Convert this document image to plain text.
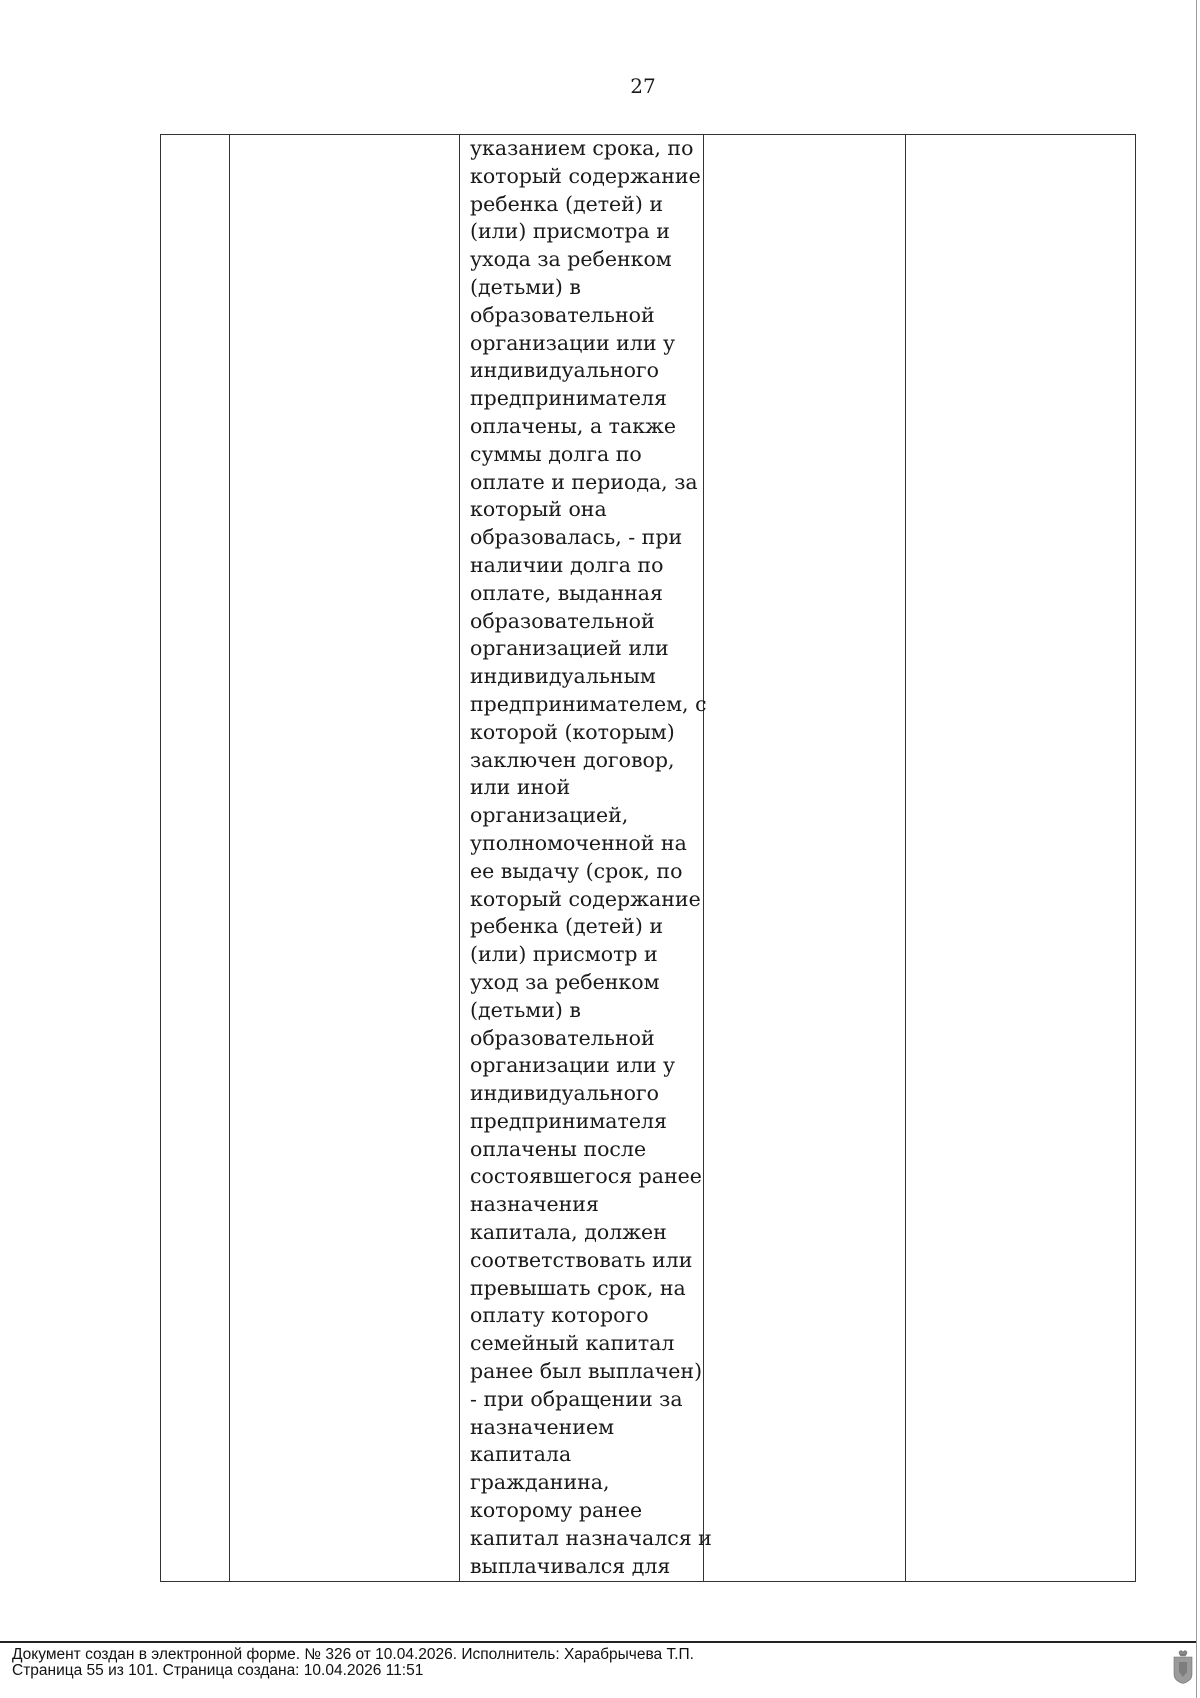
27

указанием срока, по
который содержание
ребенка (детей) и
(или) присмотра и
ухода за ребенком
(детьми) в
образовательной
организации или у
индивидуального
предпринимателя
оплачены, а также
суммы долга по
оплате и периода, за
который она
образовалась, - при
наличии долга по
оплате, выданная
образовательной
организацией или
индивидуальным
предпринимателем, с
которой (которым)
заключен договор,
или иной
организацией,
уполномоченной на
ее выдачу (срок, по
который содержание
ребенка (детей) и
(или) присмотр и
уход за ребенком
(детьми) в
образовательной
организации или у
индивидуального
предпринимателя
оплачены после
состоявшегося ранее
назначения
капитала, должен
соответствовать или
превышать срок, на
оплату которого
семейный капитал
ранее был выплачен)
- при обращении за
назначением
капитала
гражданина,
которому ранее
капитал назначался и
выплачивался для

Документ создан в электронной форме. № 326 от 10.04.2026. Исполнитель: Харабрычева Т.П.
Страница 55 из 101. Страница создана: 10.04.2026 11:51
